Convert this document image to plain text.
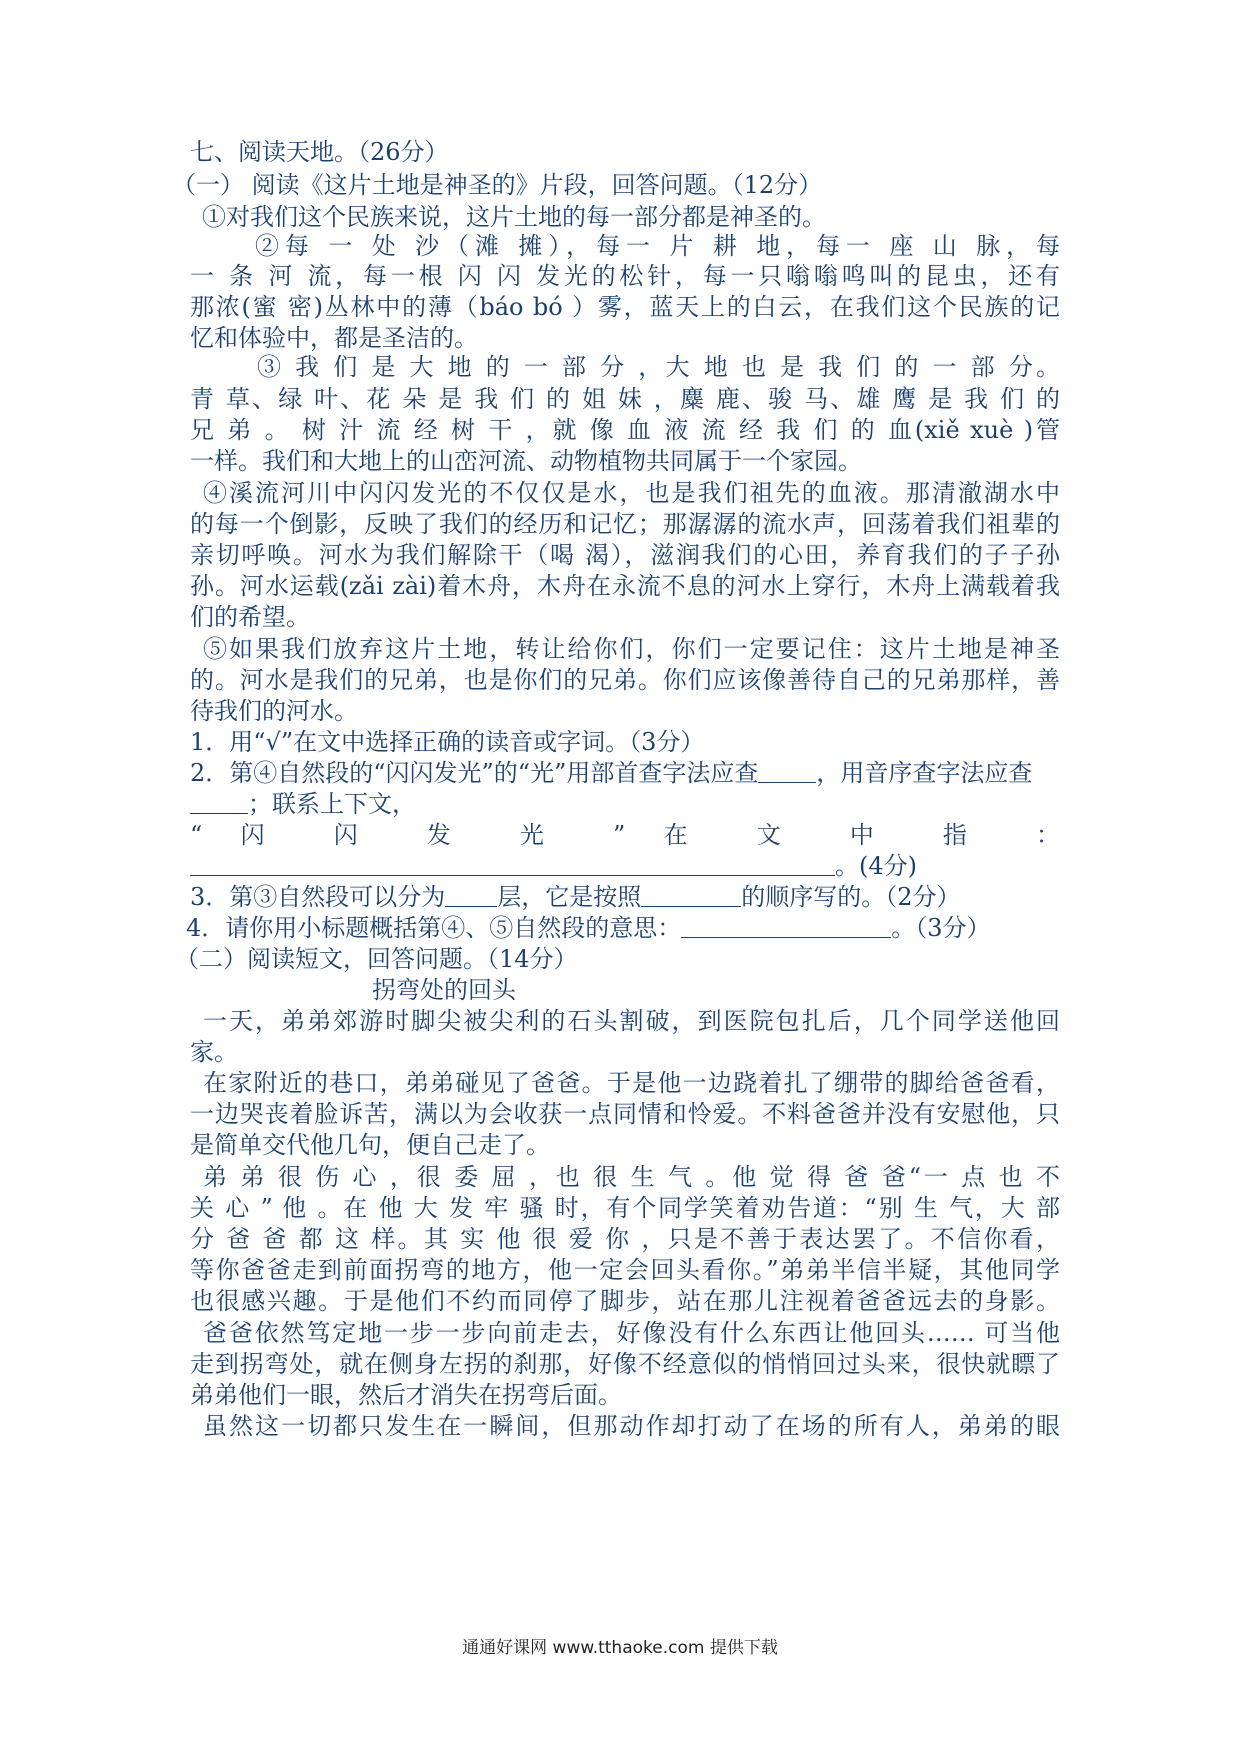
七、阅读天地。（26分）

（一） 阅读《这片土地是神圣的》片段，回答问题。（12分）

①对我们这个民族来说，这片土地的每一部分都是神圣的。

②每 一 处 沙（滩 摊），每一 片 耕 地，每一 座 山 脉，每

一 条 河 流，每一根 闪 闪 发光的松针，每一只嗡嗡鸣叫的昆虫，还有

那浓(蜜 密)丛林中的薄（báo bó ）雾，蓝天上的白云，在我们这个民族的记

忆和体验中，都是圣洁的。

③ 我 们 是 大 地 的 一 部 分 ，大 地 也 是 我 们 的 一 部 分。

青 草、绿 叶、花 朵 是 我 们 的 姐 妹 ，麋 鹿、骏 马、雄 鹰 是 我 们 的

兄 弟 。 树 汁 流 经 树 干 ，就 像 血 液 流 经 我 们 的 血(xiě xuè )管

一样。我们和大地上的山峦河流、动物植物共同属于一个家园。

④溪流河川中闪闪发光的不仅仅是水，也是我们祖先的血液。那清澈湖水中

的每一个倒影，反映了我们的经历和记忆；那潺潺的流水声，回荡着我们祖辈的

亲切呼唤。河水为我们解除干（喝 渴），滋润我们的心田，养育我们的子子孙

孙。河水运载(zǎi zài)着木舟，木舟在永流不息的河水上穿行，木舟上满载着我

们的希望。

⑤如果我们放弃这片土地，转让给你们，你们一定要记住：这片土地是神圣

的。河水是我们的兄弟，也是你们的兄弟。你们应该像善待自己的兄弟那样，善

待我们的河水。

1．用“√”在文中选择正确的读音或字词。（3分）

2．第④自然段的“闪闪发光”的“光”用部首查字法应查 ，用音序查字法应查

；联系上下文，

“ 闪 闪 发 光 ” 在 文 中 指 ：

。(4分)

3．第③自然段可以分为 层，它是按照	的顺序写的。（2分）

4．请你用小标题概括第④、⑤自然段的意思：	。（3分）

（二）阅读短文，回答问题。（14分）

拐弯处的回头

一天，弟弟郊游时脚尖被尖利的石头割破，到医院包扎后，几个同学送他回

家。

在家附近的巷口，弟弟碰见了爸爸。于是他一边跷着扎了绷带的脚给爸爸看，

一边哭丧着脸诉苦，满以为会收获一点同情和怜爱。不料爸爸并没有安慰他，只

是简单交代他几句，便自己走了。

弟 弟 很 伤 心 ，很 委 屈 ，也 很 生 气 。他 觉 得 爸 爸“一 点 也 不

关 心 ” 他 。在 他 大 发 牢 骚 时，有个同学笑着劝告道：“别 生 气，大 部

分 爸 爸 都 这 样。其 实 他 很 爱 你 ，只是不善于表达罢了。不信你看，

等你爸爸走到前面拐弯的地方，他一定会回头看你。”弟弟半信半疑，其他同学

也很感兴趣。于是他们不约而同停了脚步，站在那儿注视着爸爸远去的身影。

爸爸依然笃定地一步一步向前走去，好像没有什么东西让他回头…… 可当他

走到拐弯处，就在侧身左拐的刹那，好像不经意似的悄悄回过头来，很快就瞟了

弟弟他们一眼，然后才消失在拐弯后面。

虽然这一切都只发生在一瞬间，但那动作却打动了在场的所有人，弟弟的眼

通通好课网 www.tthaoke.com 提供下载
